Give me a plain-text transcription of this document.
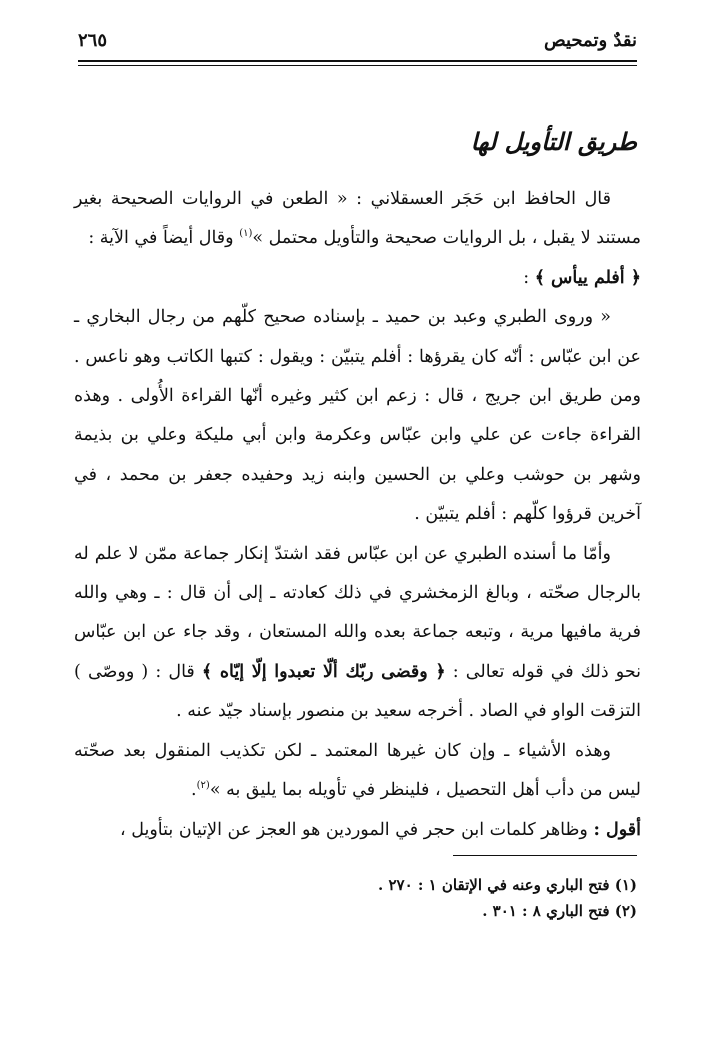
نقدٌ وتمحيص
٢٦٥
طريق التأويل لها

قال الحافظ ابن حَجَر العسقلاني : « الطعن في الروايات الصحيحة بغير مستند لا يقبل ، بل الروايات صحيحة والتأويل محتمل »$^{(١)}$ وقال أيضاً في الآية :

﴿ أفلم ييأس ﴾ :

« وروى الطبري وعبد بن حميد ـ بإسناده صحيح كلّهم من رجال البخاري ـ عن ابن عبّاس : أنّه كان يقرؤها : أفلم يتبيّن : ويقول : كتبها الكاتب وهو ناعس . ومن طريق ابن جريج ، قال : زعم ابن كثير وغيره أنّها القراءة الأُولى . وهذه القراءة جاءت عن علي وابن عبّاس وعكرمة وابن أبي مليكة وعلي بن بذيمة وشهر بن حوشب وعلي بن الحسين وابنه زيد وحفيده جعفر بن محمد ، في آخرين قرؤوا كلّهم : أفلم يتبيّن .

وأمّا ما أسنده الطبري عن ابن عبّاس فقد اشتدّ إنكار جماعة ممّن لا علم له بالرجال صحّته ، وبالغ الزمخشري في ذلك كعادته ـ إلى أن قال : ـ وهي والله فرية مافيها مرية ، وتبعه جماعة بعده والله المستعان ، وقد جاء عن ابن عبّاس نحو ذلك في قوله تعالى : ﴿ وقضى ربّك ألّا تعبدوا إلّا إيّاه ﴾ قال : ( ووصّى ) التزقت الواو في الصاد . أخرجه سعيد بن منصور بإسناد جيّد عنه .

وهذه الأشياء ـ وإن كان غيرها المعتمد ـ لكن تكذيب المنقول بعد صحّته ليس من دأب أهل التحصيل ، فلينظر في تأويله بما يليق به »$^{(٢)}$.

أقول : وظاهر كلمات ابن حجر في الموردين هو العجز عن الإتيان بتأويل ،

(١) فتح الباري وعنه في الإتقان ١ : ٢٧٠ .

(٢) فتح الباري ٨ : ٣٠١ .
